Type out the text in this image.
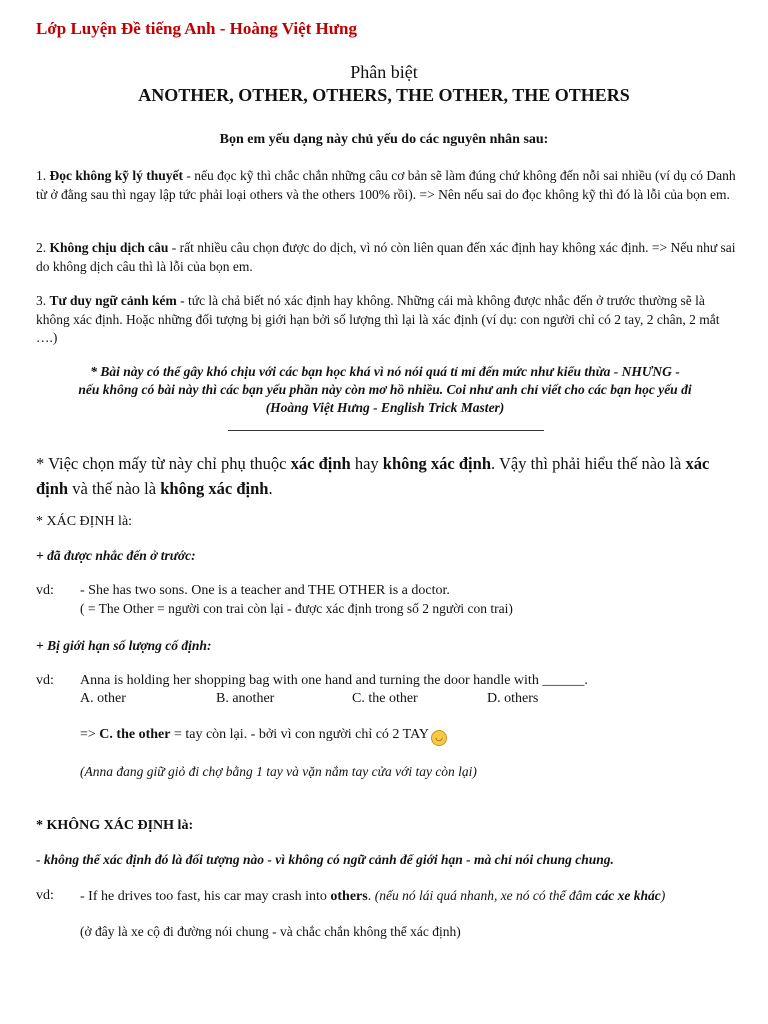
Lớp Luyện Đề tiếng Anh - Hoàng Việt Hưng
Phân biệt
ANOTHER, OTHER, OTHERS, THE OTHER, THE OTHERS
Bọn em yếu dạng này chủ yếu do các nguyên nhân sau:
1. Đọc không kỹ lý thuyết - nếu đọc kỹ thì chắc chắn những câu cơ bản sẽ làm đúng chứ không đến nỗi sai nhiều (ví dụ có Danh từ ở đằng sau thì ngay lập tức phải loại others và the others 100% rồi). => Nên nếu sai do đọc không kỹ thì đó là lỗi của bọn em.
2. Không chịu dịch câu - rất nhiều câu chọn được do dịch, vì nó còn liên quan đến xác định hay không xác định. => Nếu như sai do không dịch câu thì là lỗi của bọn em.
3. Tư duy ngữ cảnh kém - tức là chả biết nó xác định hay không. Những cái mà không được nhắc đến ở trước thường sẽ là không xác định. Hoặc những đối tượng bị giới hạn bởi số lượng thì lại là xác định (ví dụ: con người chỉ có 2 tay, 2 chân, 2 mắt ….)
* Bài này có thể gây khó chịu với các bạn học khá vì nó nói quá tỉ mỉ đến mức như kiểu thừa - NHƯNG -
nếu không có bài này thì các bạn yếu phần này còn mơ hồ nhiều. Coi như anh chỉ viết cho các bạn học yếu đi
(Hoàng Việt Hưng - English Trick Master)
* Việc chọn mấy từ này chỉ phụ thuộc xác định hay không xác định. Vậy thì phải hiểu thế nào là xác định và thế nào là không xác định.
* XÁC ĐỊNH là:
+ đã được nhắc đến ở trước:
vd: - She has two sons. One is a teacher and THE OTHER is a doctor.
( = The Other = người con trai còn lại - được xác định trong số 2 người con trai)
+ Bị giới hạn số lượng cố định:
vd: Anna is holding her shopping bag with one hand and turning the door handle with ______.
A. other	B. another	C. the other	D. others
=> C. the other = tay còn lại. - bởi vì con người chỉ có 2 TAY ◡
(Anna đang giữ giỏ đi chợ bằng 1 tay và vặn nắm tay cửa với tay còn lại)
* KHÔNG XÁC ĐỊNH là:
- không thể xác định đó là đối tượng nào - vì không có ngữ cảnh để giới hạn - mà chỉ nói chung chung.
vd: - If he drives too fast, his car may crash into others. (nếu nó lái quá nhanh, xe nó có thể đâm các xe khác)
(ở đây là xe cộ đi đường nói chung - và chắc chắn không thể xác định)
